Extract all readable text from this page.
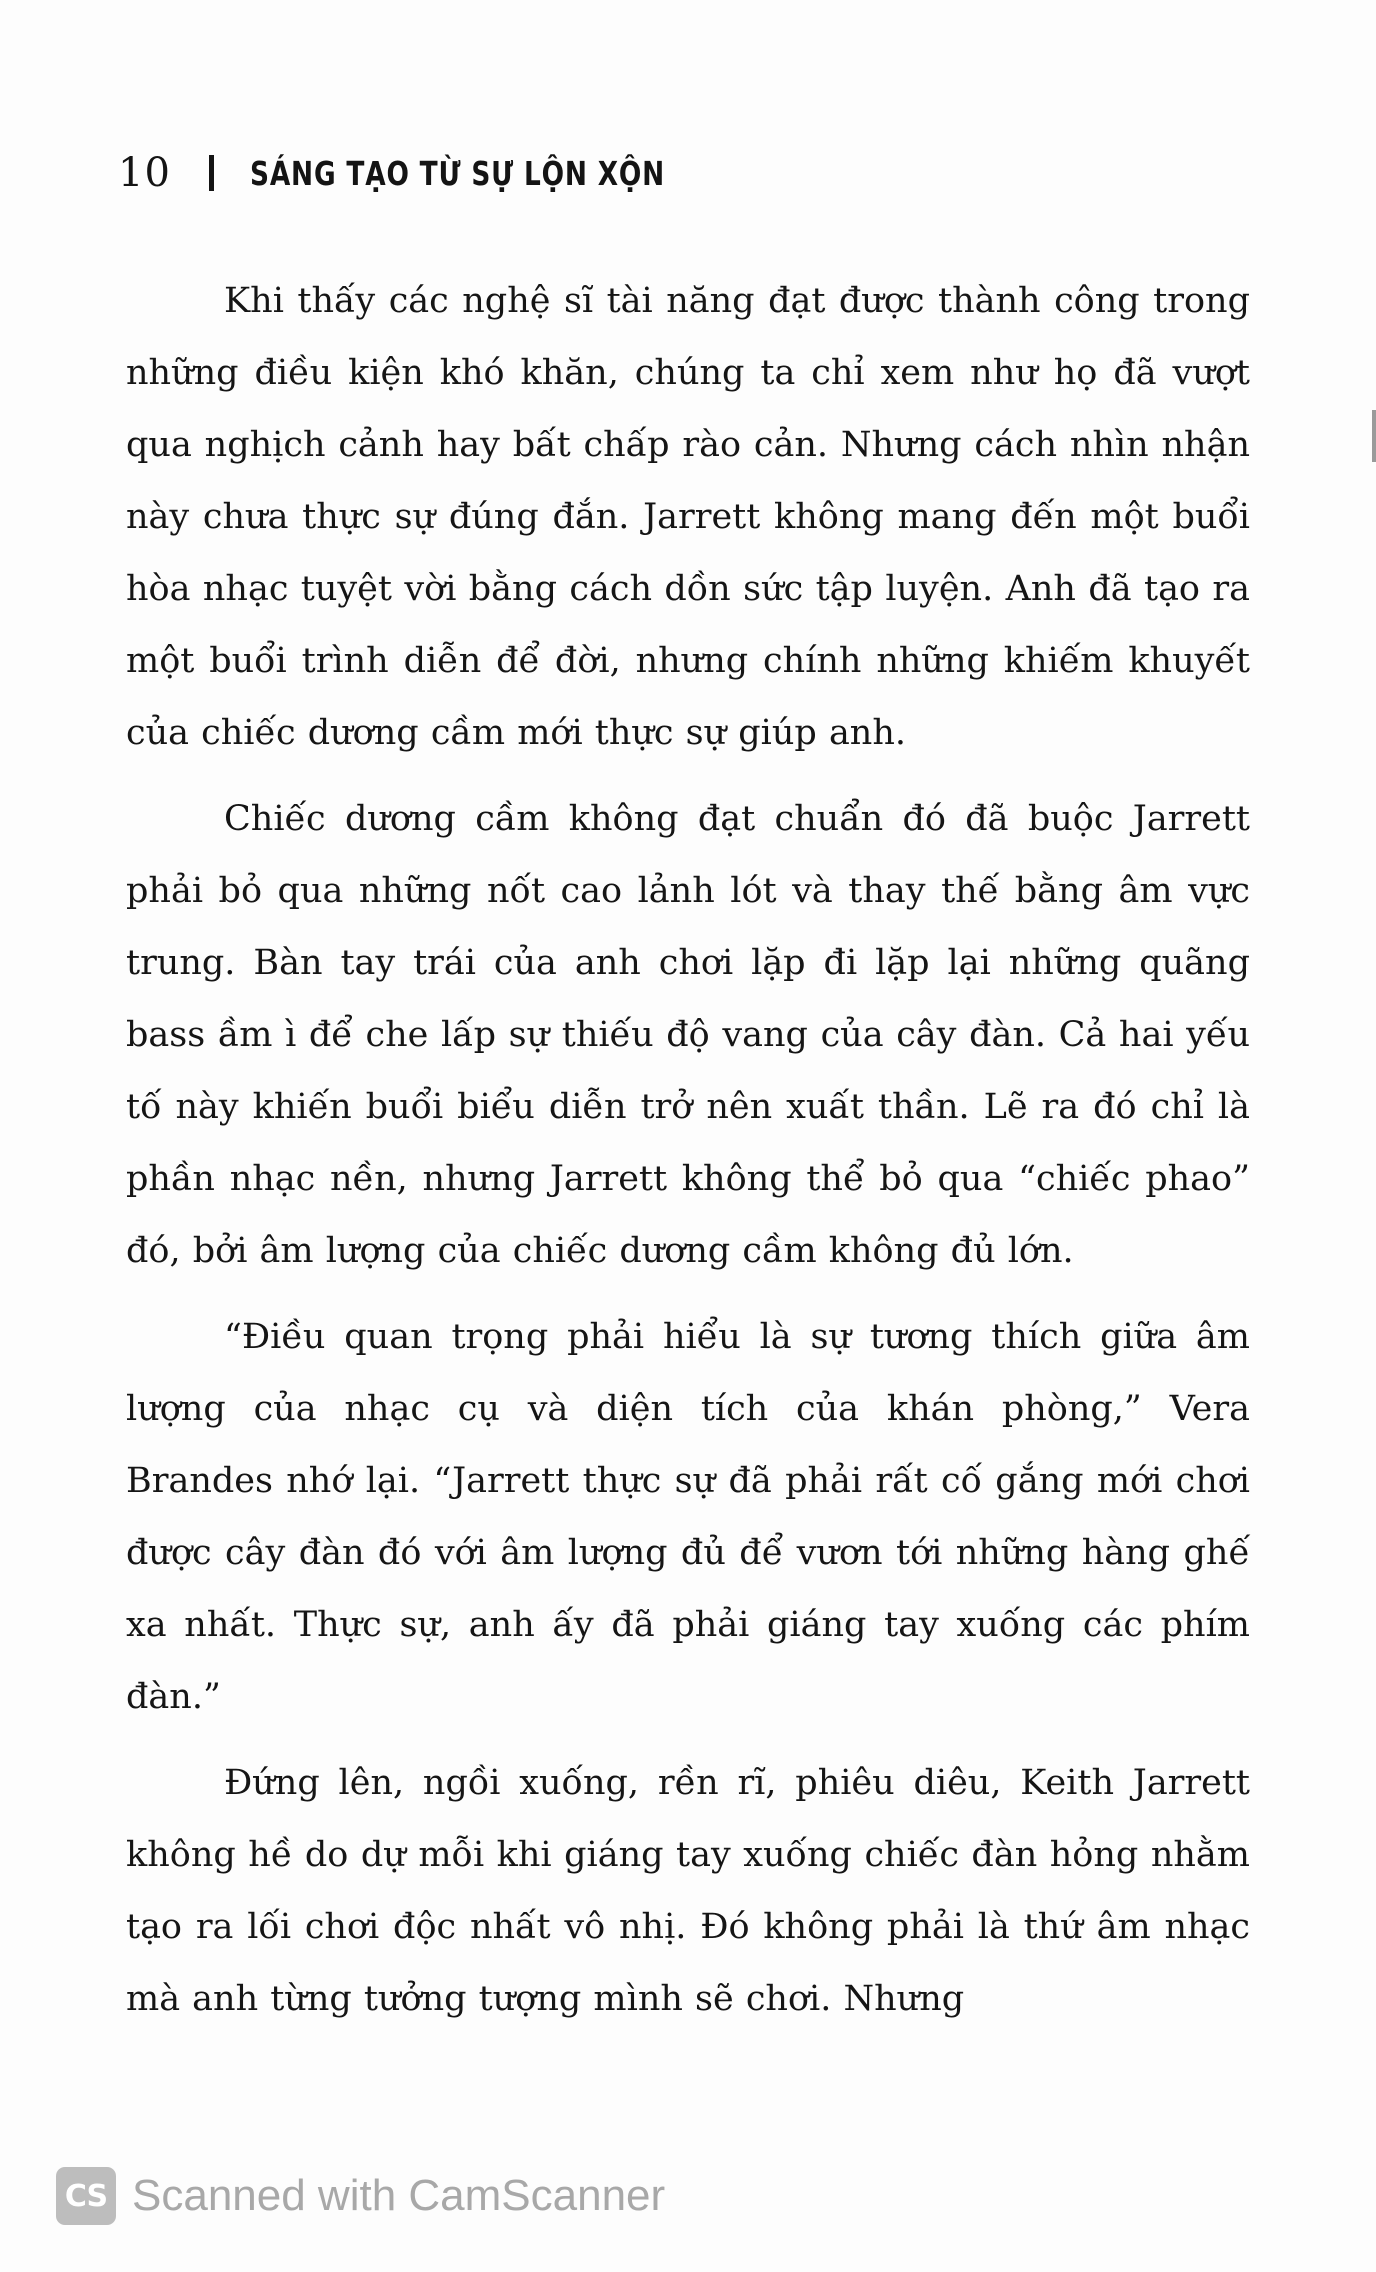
10 SÁNG TẠO TỪ SỰ LỘN XỘN

Khi thấy các nghệ sĩ tài năng đạt được thành công trong những điều kiện khó khăn, chúng ta chỉ xem như họ đã vượt qua nghịch cảnh hay bất chấp rào cản. Nhưng cách nhìn nhận này chưa thực sự đúng đắn. Jarrett không mang đến một buổi hòa nhạc tuyệt vời bằng cách dồn sức tập luyện. Anh đã tạo ra một buổi trình diễn để đời, nhưng chính những khiếm khuyết của chiếc dương cầm mới thực sự giúp anh.

Chiếc dương cầm không đạt chuẩn đó đã buộc Jarrett phải bỏ qua những nốt cao lảnh lót và thay thế bằng âm vực trung. Bàn tay trái của anh chơi lặp đi lặp lại những quãng bass ầm ì để che lấp sự thiếu độ vang của cây đàn. Cả hai yếu tố này khiến buổi biểu diễn trở nên xuất thần. Lẽ ra đó chỉ là phần nhạc nền, nhưng Jarrett không thể bỏ qua “chiếc phao” đó, bởi âm lượng của chiếc dương cầm không đủ lớn.

“Điều quan trọng phải hiểu là sự tương thích giữa âm lượng của nhạc cụ và diện tích của khán phòng,” Vera Brandes nhớ lại. “Jarrett thực sự đã phải rất cố gắng mới chơi được cây đàn đó với âm lượng đủ để vươn tới những hàng ghế xa nhất. Thực sự, anh ấy đã phải giáng tay xuống các phím đàn.”

Đứng lên, ngồi xuống, rền rĩ, phiêu diêu, Keith Jarrett không hề do dự mỗi khi giáng tay xuống chiếc đàn hỏng nhằm tạo ra lối chơi độc nhất vô nhị. Đó không phải là thứ âm nhạc mà anh từng tưởng tượng mình sẽ chơi. Nhưng

CS Scanned with CamScanner
